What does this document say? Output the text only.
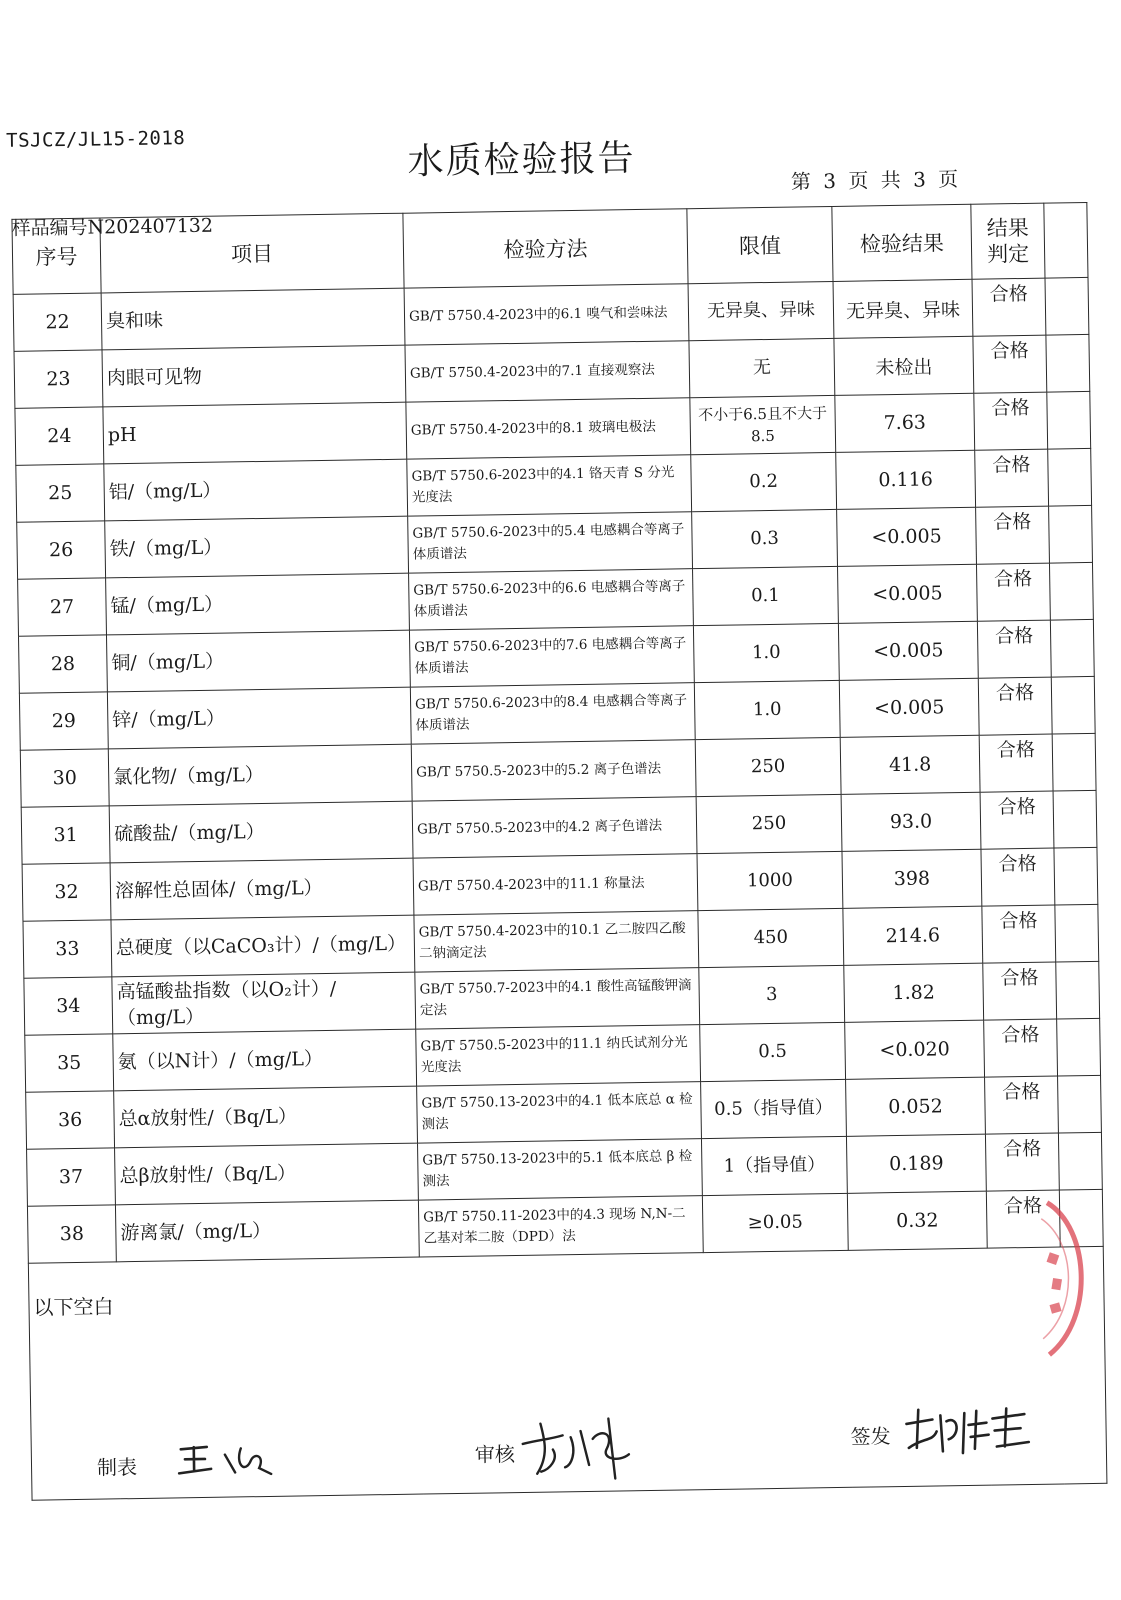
TSJCZ/JL15-2018	水质检验报告	第 3 页 共 3 页
样品编号N202407132
序号	项目	检验方法	限值	检验结果	结果
判定	
22	臭和味	GB/T 5750.4-2023中的6.1 嗅气和尝味法	无异臭、异味	无异臭、异味	合格	
23	肉眼可见物	GB/T 5750.4-2023中的7.1 直接观察法	无	未检出	合格	
24	pH	GB/T 5750.4-2023中的8.1 玻璃电极法	不小于6.5且不大于8.5	7.63	合格	
25	铝/（mg/L）	GB/T 5750.6-2023中的4.1 铬天青 S 分光光度法	0.2	0.116	合格	
26	铁/（mg/L）	GB/T 5750.6-2023中的5.4 电感耦合等离子体质谱法	0.3	<0.005	合格	
27	锰/（mg/L）	GB/T 5750.6-2023中的6.6 电感耦合等离子体质谱法	0.1	<0.005	合格	
28	铜/（mg/L）	GB/T 5750.6-2023中的7.6 电感耦合等离子体质谱法	1.0	<0.005	合格	
29	锌/（mg/L）	GB/T 5750.6-2023中的8.4 电感耦合等离子体质谱法	1.0	<0.005	合格	
30	氯化物/（mg/L）	GB/T 5750.5-2023中的5.2 离子色谱法	250	41.8	合格	
31	硫酸盐/（mg/L）	GB/T 5750.5-2023中的4.2 离子色谱法	250	93.0	合格	
32	溶解性总固体/（mg/L）	GB/T 5750.4-2023中的11.1 称量法	1000	398	合格	
33	总硬度（以CaCO₃计）/（mg/L）	GB/T 5750.4-2023中的10.1 乙二胺四乙酸二钠滴定法	450	214.6	合格	
34	高锰酸盐指数（以O₂计）/（mg/L）	GB/T 5750.7-2023中的4.1 酸性高锰酸钾滴定法	3	1.82	合格	
35	氨（以N计）/（mg/L）	GB/T 5750.5-2023中的11.1 纳氏试剂分光光度法	0.5	<0.020	合格	
36	总α放射性/（Bq/L）	GB/T 5750.13-2023中的4.1 低本底总 α 检测法	0.5（指导值）	0.052	合格	
37	总β放射性/（Bq/L）	GB/T 5750.13-2023中的5.1 低本底总 β 检测法	1（指导值）	0.189	合格	
38	游离氯/（mg/L）	GB/T 5750.11-2023中的4.3 现场 N,N-二乙基对苯二胺（DPD）法	≥0.05	0.32	合格	
以下空白						
制表
审核
签发
